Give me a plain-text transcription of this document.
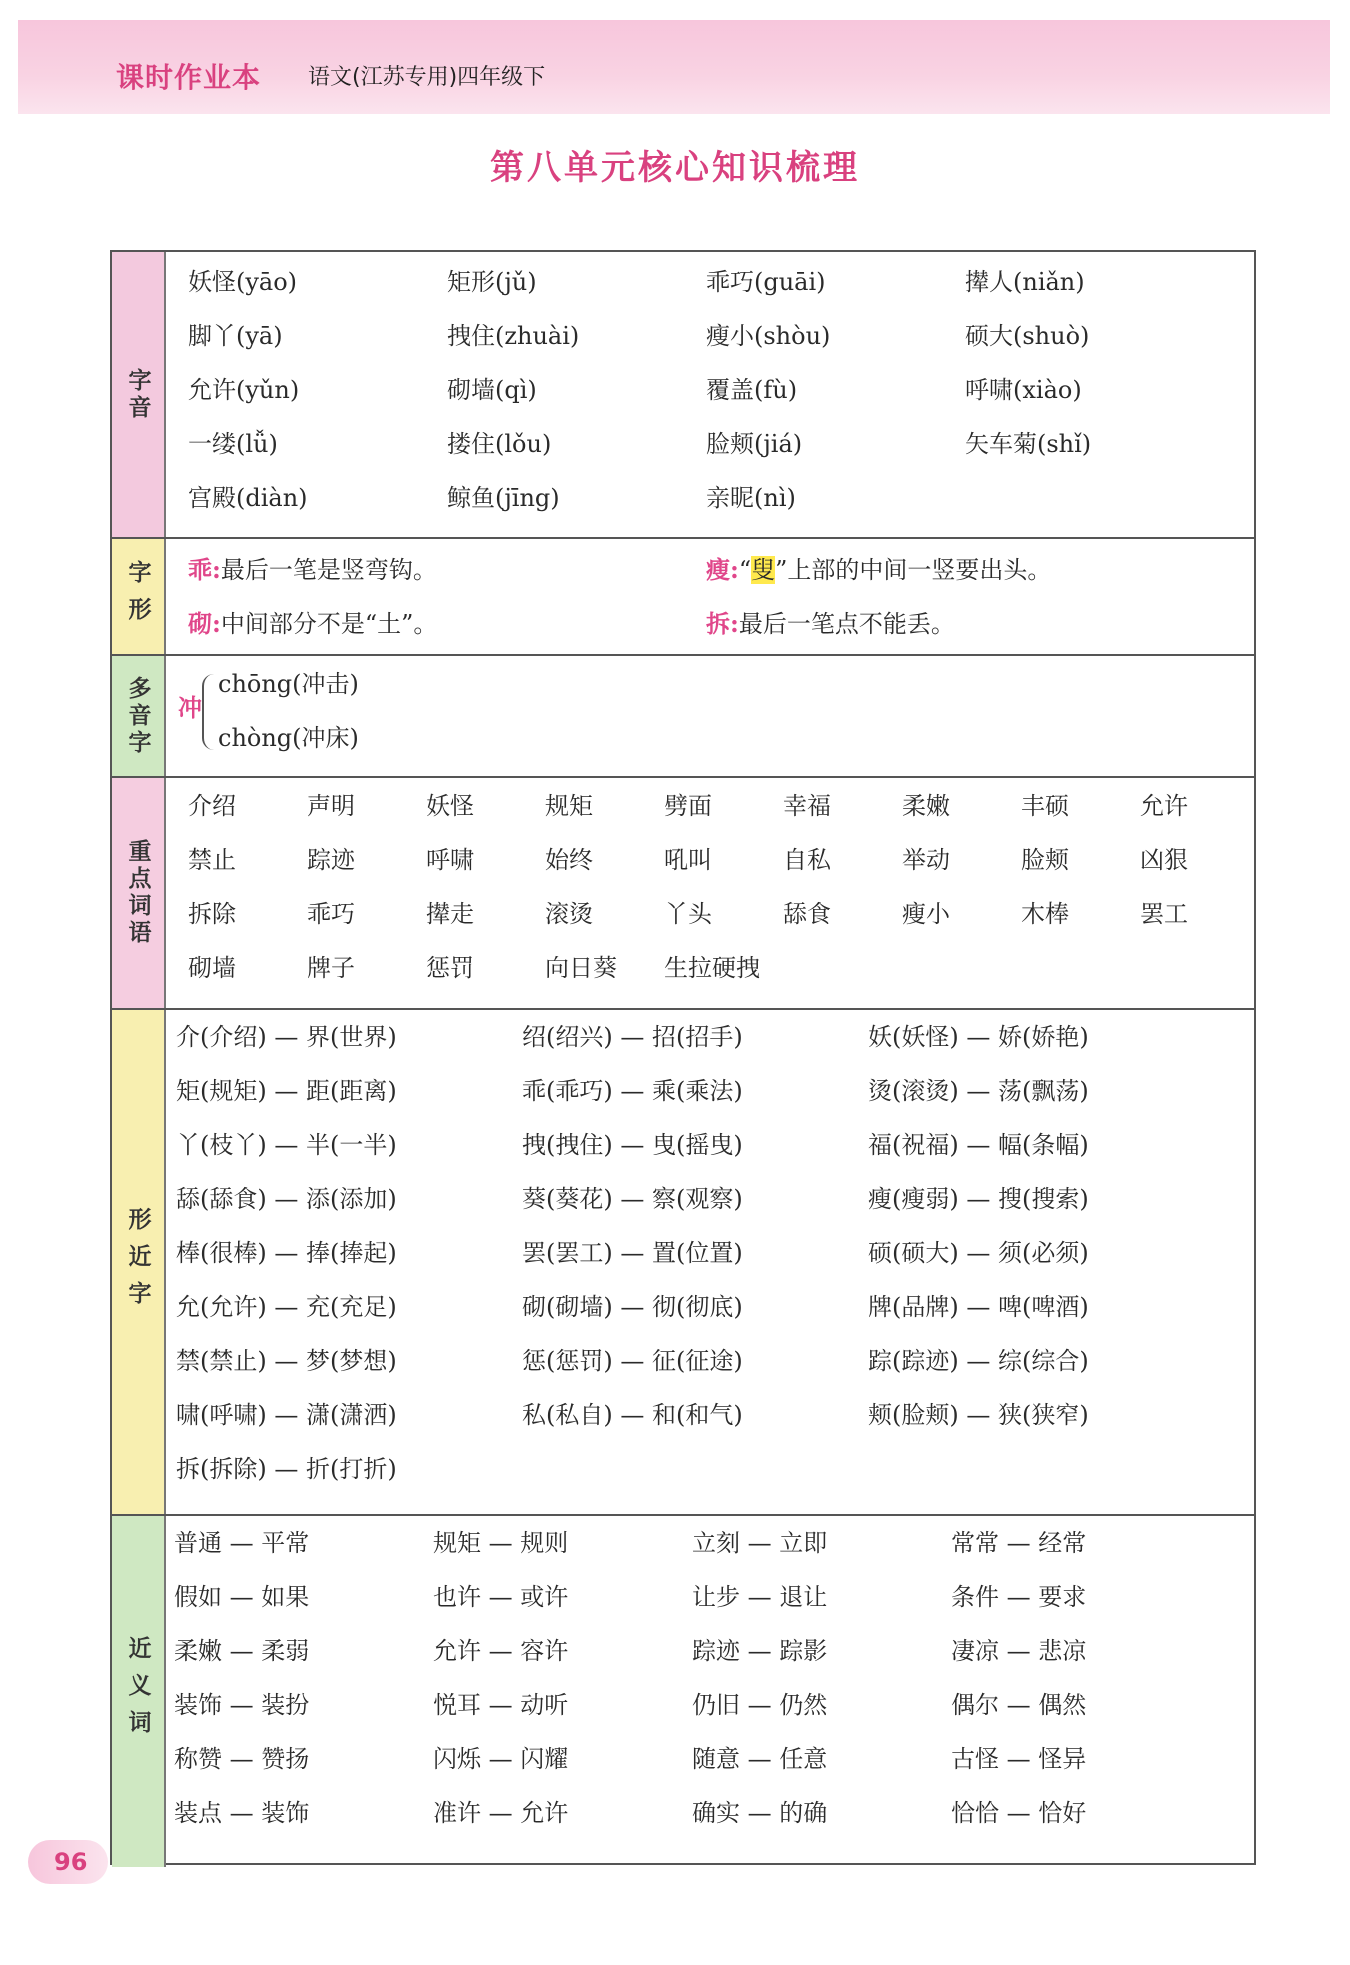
课时作业本 语文(江苏专用)四年级下
第八单元核心知识梳理
字音
妖怪(yāo)	矩形(jǔ)	乖巧(guāi)	撵人(niǎn)
脚丫(yā)	拽住(zhuài)	瘦小(shòu)	硕大(shuò)
允许(yǔn)	砌墙(qì)	覆盖(fù)	呼啸(xiào)
一缕(lǚ)	搂住(lǒu)	脸颊(jiá)	矢车菊(shǐ)
宫殿(diàn)	鲸鱼(jīng)	亲昵(nì)
字形 乖:最后一笔是竖弯钩。	瘦:“叟”上部的中间一竖要出头。
砌:中间部分不是“土”。	拆:最后一笔点不能丢。
多音字 冲
chōng(冲击)
chòng(冲床)
重点词语
介绍	声明	妖怪	规矩	劈面	幸福	柔嫩	丰硕	允许
禁止	踪迹	呼啸	始终	吼叫	自私	举动	脸颊	凶狠
拆除	乖巧	撵走	滚烫	丫头	舔食	瘦小	木棒	罢工
砌墙	牌子	惩罚	向日葵	生拉硬拽
形近字
介(介绍) — 界(世界)	绍(绍兴) — 招(招手)	妖(妖怪) — 娇(娇艳)
矩(规矩) — 距(距离)	乖(乖巧) — 乘(乘法)	烫(滚烫) — 荡(飘荡)
丫(枝丫) — 半(一半)	拽(拽住) — 曳(摇曳)	福(祝福) — 幅(条幅)
舔(舔食) — 添(添加)	葵(葵花) — 察(观察)	瘦(瘦弱) — 搜(搜索)
棒(很棒) — 捧(捧起)	罢(罢工) — 置(位置)	硕(硕大) — 须(必须)
允(允许) — 充(充足)	砌(砌墙) — 彻(彻底)	牌(品牌) — 啤(啤酒)
禁(禁止) — 梦(梦想)	惩(惩罚) — 征(征途)	踪(踪迹) — 综(综合)
啸(呼啸) — 潇(潇洒)	私(私自) — 和(和气)	颊(脸颊) — 狭(狭窄)
拆(拆除) — 折(打折)
近义词
普通 — 平常	规矩 — 规则	立刻 — 立即	常常 — 经常
假如 — 如果	也许 — 或许	让步 — 退让	条件 — 要求
柔嫩 — 柔弱	允许 — 容许	踪迹 — 踪影	凄凉 — 悲凉
装饰 — 装扮	悦耳 — 动听	仍旧 — 仍然	偶尔 — 偶然
称赞 — 赞扬	闪烁 — 闪耀	随意 — 任意	古怪 — 怪异
装点 — 装饰	准许 — 允许	确实 — 的确	恰恰 — 恰好
96
